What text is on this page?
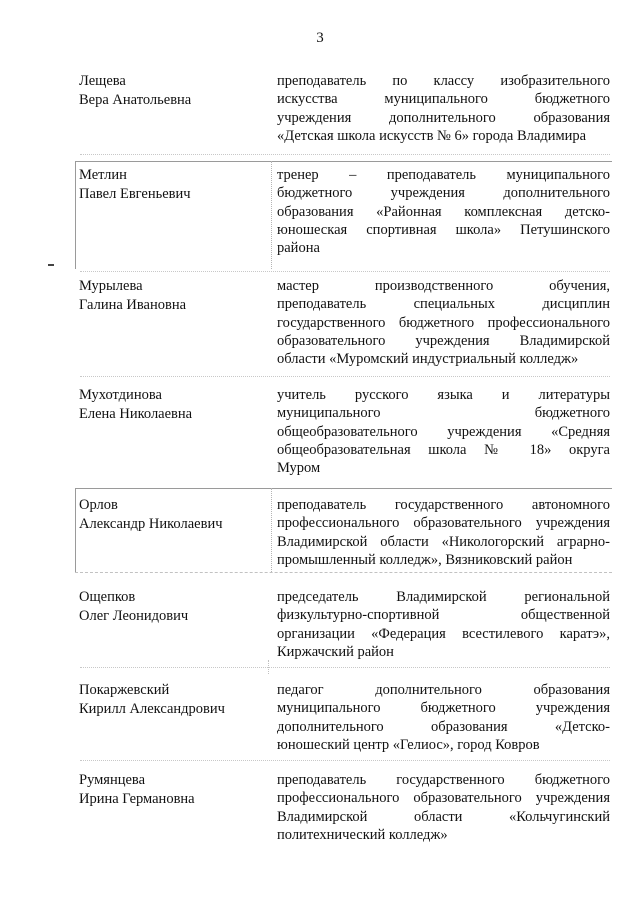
3
Лещева
Вера Анатольевна
преподаватель по классу изобразительного
искусства муниципального бюджетного
учреждения дополнительного образования
«Детская школа искусств № 6» города Владимира
Метлин
Павел Евгеньевич
тренер – преподаватель муниципального
бюджетного учреждения дополнительного
образования «Районная комплексная детско-
юношеская спортивная школа» Петушинского
района
Мурылева
Галина Ивановна
мастер производственного обучения,
преподаватель специальных дисциплин
государственного бюджетного профессионального
образовательного учреждения Владимирской
области «Муромский индустриальный колледж»
Мухотдинова
Елена Николаевна
учитель русского языка и литературы
муниципального бюджетного
общеобразовательного учреждения «Средняя
общеобразовательная школа № 18» округа
Муром
Орлов
Александр Николаевич
преподаватель государственного автономного
профессионального образовательного учреждения
Владимирской области «Никологорский аграрно-
промышленный колледж», Вязниковский район
Ощепков
Олег Леонидович
председатель Владимирской региональной
физкультурно-спортивной общественной
организации «Федерация всестилевого каратэ»,
Киржачский район
Покаржевский
Кирилл Александрович
педагог дополнительного образования
муниципального бюджетного учреждения
дополнительного образования «Детско-
юношеский центр «Гелиос», город Ковров
Румянцева
Ирина Германовна
преподаватель государственного бюджетного
профессионального образовательного учреждения
Владимирской области «Кольчугинский
политехнический колледж»
